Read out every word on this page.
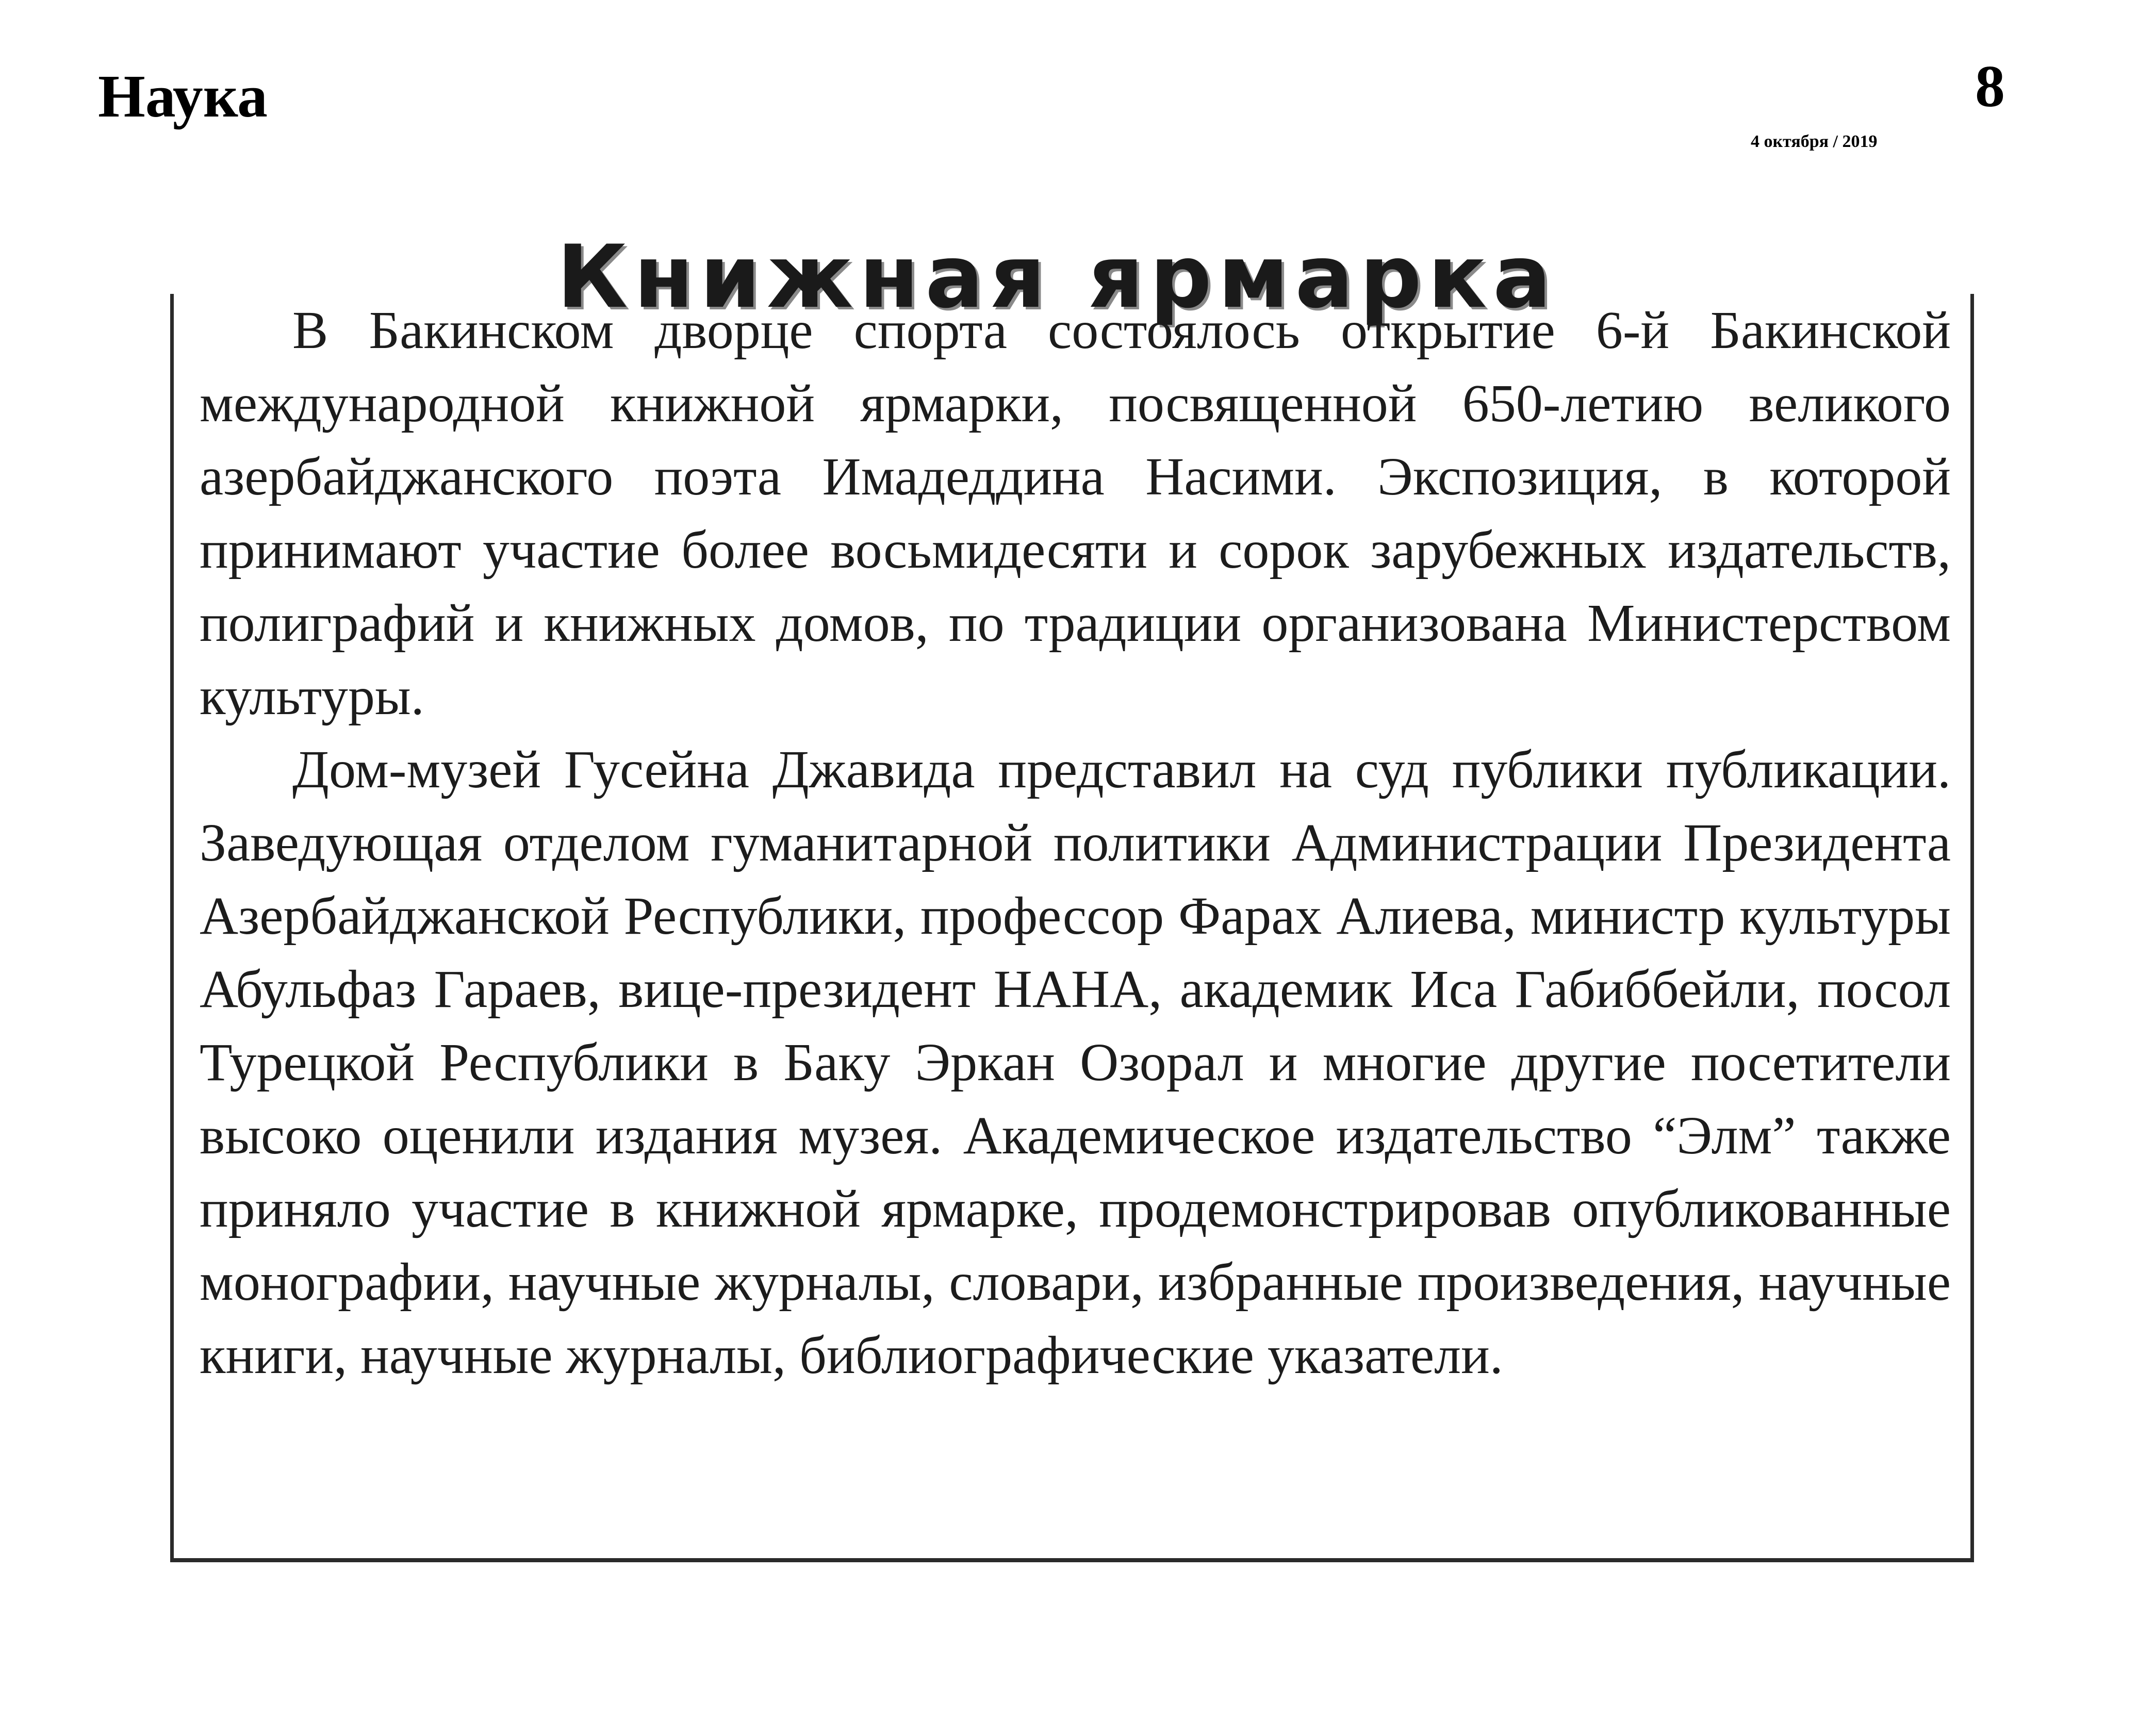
Наука	8
4 октября / 2019
Книжная ярмарка

В Бакинском дворце спорта состоялось открытие 6-й Бакинской международной книжной ярмарки, посвященной 650-летию великого азербайджанского поэта Имадеддина Насими. Экспозиция, в которой принимают участие более восьмидесяти и сорок зарубежных издательств, полиграфий и книжных домов, по традиции организована Министерством культуры.

Дом-музей Гусейна Джавида представил на суд публики публикации. Заведующая отделом гуманитарной политики Администрации Президента Азербайджанской Республики, профессор Фарах Алиева, министр культуры Абульфаз Гараев, вице-президент НАНА, академик Иса Габиббейли, посол Турецкой Республики в Баку Эркан Озорал и многие другие посетители высоко оценили издания музея. Академическое издательство “Элм” также приняло участие в книжной ярмарке, продемонстрировав опубликованные монографии, научные журналы, словари, избранные произведения, научные книги, научные журналы, библиографические указатели.
